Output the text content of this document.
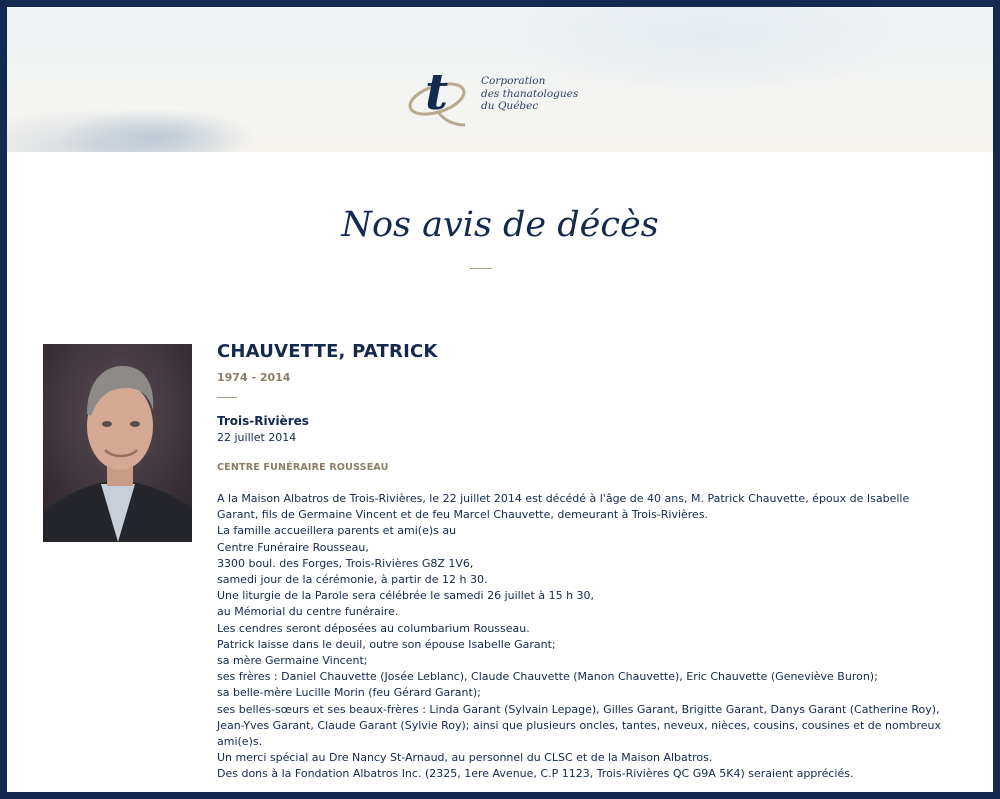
t	Corporation
des thanatologues
du Québec
Nos avis de décès
CHAUVETTE, PATRICK
1974 - 2014
Trois-Rivières
22 juillet 2014
CENTRE FUNÉRAIRE ROUSSEAU
A la Maison Albatros de Trois-Rivières, le 22 juillet 2014 est décédé à l'âge de 40 ans, M. Patrick Chauvette, époux de Isabelle Garant, fils de Germaine Vincent et de feu Marcel Chauvette, demeurant à Trois-Rivières.
La famille accueillera parents et ami(e)s au
Centre Funéraire Rousseau,
3300 boul. des Forges, Trois-Rivières G8Z 1V6,
samedi jour de la cérémonie, à partir de 12 h 30.
Une liturgie de la Parole sera célébrée le samedi 26 juillet à 15 h 30,
au Mémorial du centre funéraire.
Les cendres seront déposées au columbarium Rousseau.
Patrick laisse dans le deuil, outre son épouse Isabelle Garant;
sa mère Germaine Vincent;
ses frères : Daniel Chauvette (Josée Leblanc), Claude Chauvette (Manon Chauvette), Eric Chauvette (Geneviève Buron);
sa belle-mère Lucille Morin (feu Gérard Garant);
ses belles-sœurs et ses beaux-frères : Linda Garant (Sylvain Lepage), Gilles Garant, Brigitte Garant, Danys Garant (Catherine Roy), Jean-Yves Garant, Claude Garant (Sylvie Roy); ainsi que plusieurs oncles, tantes, neveux, nièces, cousins, cousines et de nombreux ami(e)s.
Un merci spécial au Dre Nancy St-Arnaud, au personnel du CLSC et de la Maison Albatros.
Des dons à la Fondation Albatros Inc. (2325, 1ere Avenue, C.P 1123, Trois-Rivières QC G9A 5K4) seraient appréciés.
